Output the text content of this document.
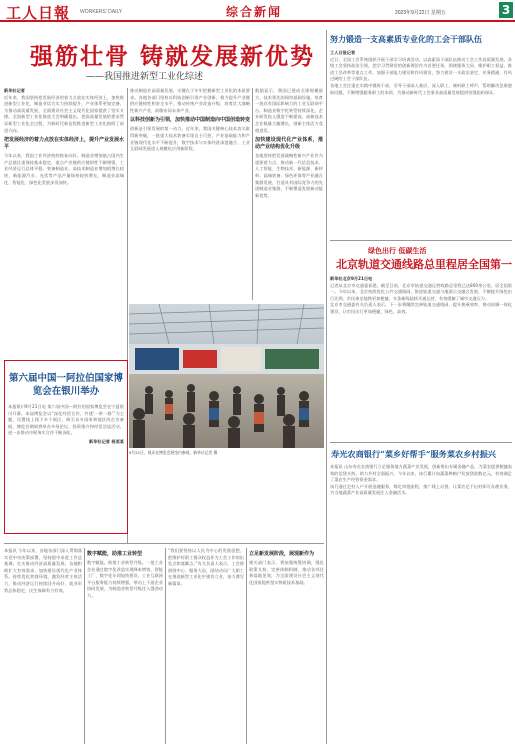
工人日報 WORKERS' DAILY	综合新闻	2023年9月22日 星期五	3
强筋壮骨 铸就发展新优势
——我国推进新型工业化综述
新华社记者

近年来，我国坚持把发展经济的着力点放在实体经济上，加快推进新型工业化，制造业综合实力持续提升，产业体系更加完备，为推动高质量发展、全面建设社会主义现代化国家提供了坚实支撑。全国新型工业化推进大会明确提出，把高质量发展的要求贯穿新型工业化全过程，为新时代新征程推进新型工业化指明了前进方向。

把发展经济的着力点放在实体经济上，提升产业发展水平

今年以来，我国工业经济持续恢复向好。制造业增加值占国内生产总值比重保持基本稳定，重点产业链供应链韧性不断增强，工业经济运行总体平稳。装备制造业、高技术制造业增加值增长较快，新能源汽车、光伏等产品产量保持较快增长，制造业高端化、智能化、绿色化发展步伐加快。

推动制造业高质量发展，关键在于牢牢把握新型工业化的本质要求。各地各部门坚持以科技创新引领产业创新，着力提升产业链供应链韧性和安全水平，推动传统产业改造升级，培育壮大战略性新兴产业，前瞻布局未来产业。

以科技创新为引领，加快推动中国制造向中国创造转变

创新是引领发展的第一动力。近年来，我国关键核心技术攻关取得新突破，一批重大技术装备实现自主可控，产业基础能力和产业链现代化水平不断提升，数字技术与实体经济深度融合，工业互联网发展进入规模化应用新阶段。

数据显示，我国已建成全球规模最大、技术领先的网络基础设施，培育一批具有国际影响力的工业互联网平台。制造业数字化转型持续深化，企业研发投入强度不断提高，高新技术企业数量大幅增长，创新主体活力竞相迸发。

加快建设现代化产业体系，推动产业结构优化升级

各地坚持把发展战略性新兴产业作为重要着力点，推动新一代信息技术、人工智能、生物技术、新能源、新材料、高端装备、绿色环保等产业融合集群发展，打造具有国际竞争力的先进制造业集群，不断塑造发展新动能新优势。

9月21日，观众在博览会展馆内参观。新华社记者 摄
第六届中国一阿拉伯国家博览会在银川举办

本报银川9月21日电 第六届中国—阿拉伯国家博览会在宁夏银川开幕。本届博览会以“深化经贸合作、共建‘一带一路’”为主题，设置线上线下多个展区，吸引众多国家和地区的企业参展。博览会期间将举办多场论坛、投资推介和经贸洽谈活动，进一步推动中阿务实合作不断深化。

新华社记者 杨某某

努力锻造一支高素质专业化的工会干部队伍
工人日报记者

近日，全国工会系统组织开展干部学习培训活动，以高素质干部队伍推动工会工作高质量发展。各级工会坚持政治引领，把学习贯彻党的创新理论作为首要任务，围绕服务大局、维护职工权益、推进工会改革等重点工作，加强干部能力建设和作风建设，努力建设一支政治坚定、业务精通、作风过硬的工会干部队伍。

各地工会注重在实践中锻炼干部，引导干部深入基层、深入职工，倾听职工呼声，帮助解决急难愁盼问题，不断增强服务职工的本领，为推动新时代工会事业高质量发展提供坚强组织保证。

绿色出行 低碳生活
北京轨道交通线路总里程居全国第一
新华社北京9月21日电

记者从北京市交通委获悉，截至目前，北京市轨道交通运营线路总里程已达800余公里，居全国第一。今年以来，北京持续优化公共交通线网，推进轨道交通与地面公交融合发展，不断提升绿色出行比例。市民乘坐地铁更加便捷，多条新线陆续开通运营，有效缓解了城市交通压力。

北京市交通委有关负责人表示，下一步将继续完善轨道交通线网，提升换乘效率，推动站城一体化建设，让市民出行更加便捷、绿色、高效。

寿光农商银行“菜乡好帮手”服务菜农乡村振兴

本报讯 山东寿光农商银行立足服务地方蔬菜产业发展，创新推出专属金融产品，为菜农提供便捷高效的信贷支持，助力乡村全面振兴。今年以来，该行累计向蔬菜种植户发放贷款数亿元，有效满足了菜农生产经营资金需求。

该行通过走村入户开展金融服务，简化审批流程，推广线上办贷，让菜农足不出村即可办理业务，为当地蔬菜产业高质量发展注入金融活水。

本报讯 今年以来，各地各部门深入贯彻落实党中央决策部署，坚持稳中求进工作总基调，扎实推动经济高质量发展。各地积极扩大有效需求，加快建设现代化产业体系，持续优化营商环境，激发经营主体活力，推动经济运行持续回升向好，就业形势总体稳定，民生保障有力有效。

数字赋能，助推工业转型

数字赋能，助推工业转型升级。一批工业企业通过数字化改造实现降本增效，智能工厂、数字化车间加快建设，工业互联网平台服务能力持续增强，带动上下游企业协同发展，为制造业转型升级注入强劲动力。

“我们要坚持以人民为中心的发展思想，把维护好职工群众权益作为工会工作的出发点和落脚点。”有关负责人表示，工会将围绕中心、服务大局，团结动员广大职工在推进新型工业化中建功立业，奋力谱写新篇章。

立足新发展阶段，展现新作为

相关部门表示，将加强统筹协调，强化政策支持，完善体制机制，推动各项任务落地见效，为全面建设社会主义现代化国家提供坚实物质技术基础。
